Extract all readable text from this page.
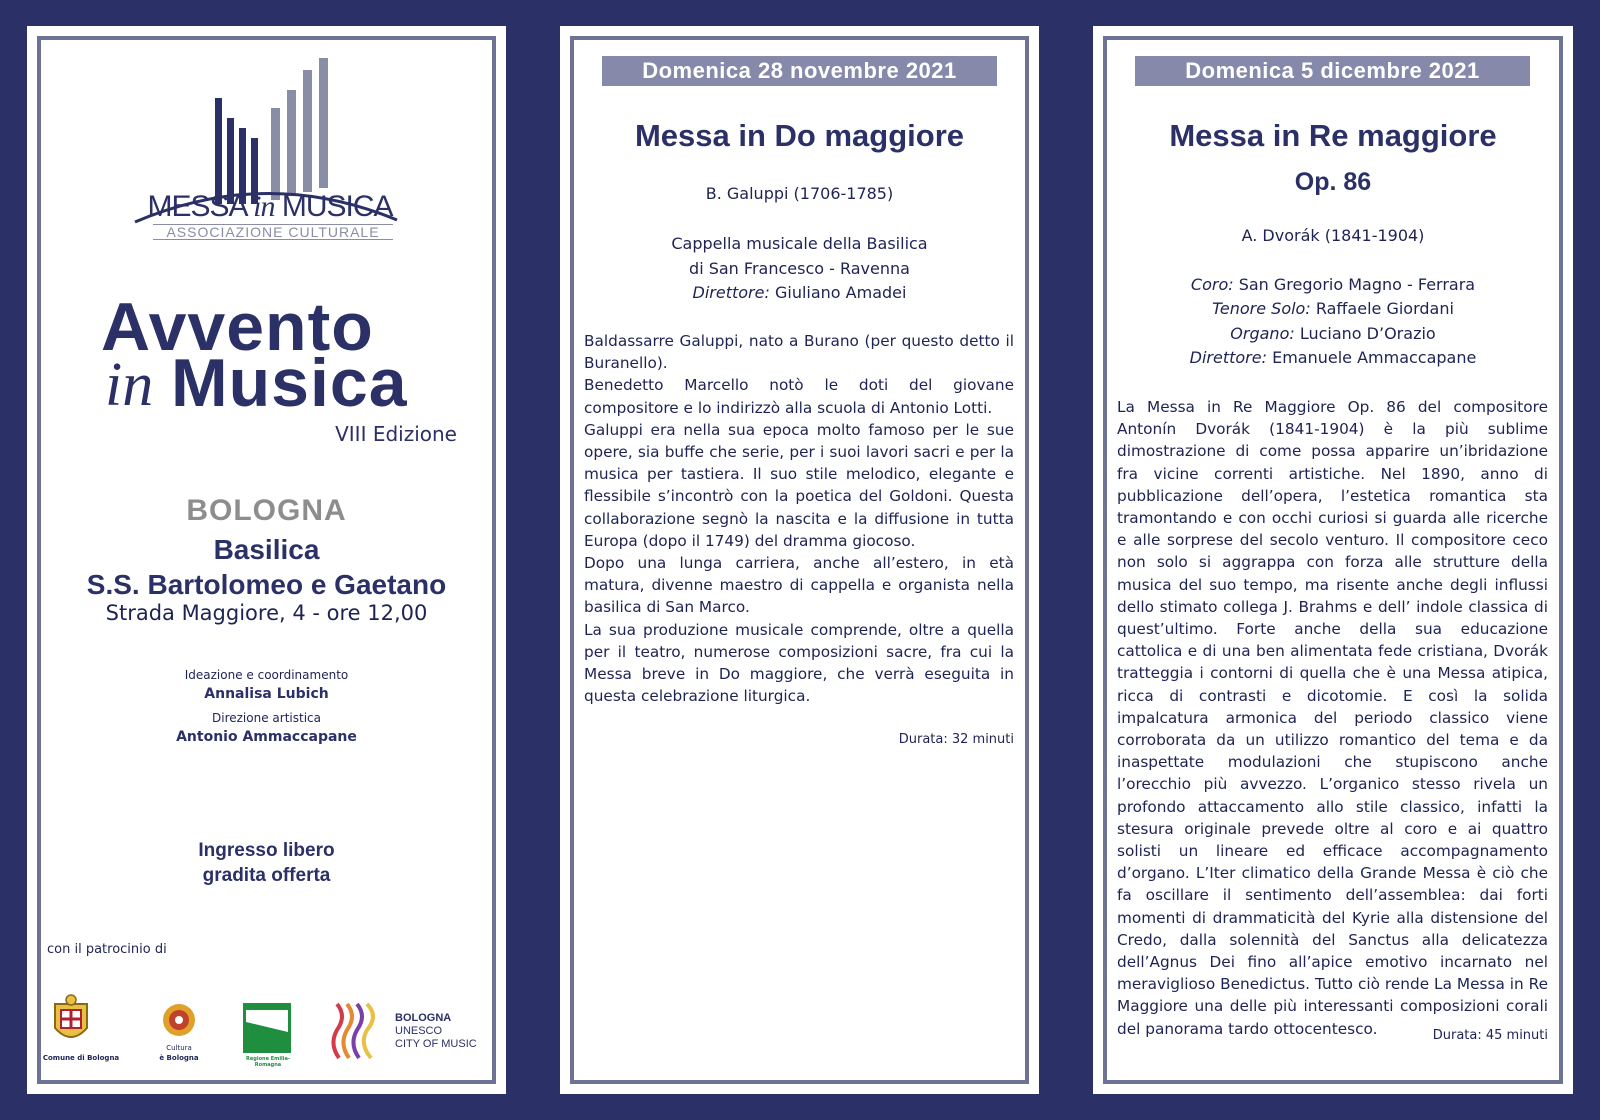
MESSA in MUSICA
ASSOCIAZIONE CULTURALE
Avvento
in Musica
VIII Edizione
BOLOGNA
Basilica
S.S. Bartolomeo e Gaetano
Strada Maggiore, 4 - ore 12,00
Ideazione e coordinamento
Annalisa Lubich
Direzione artistica
Antonio Ammaccapane
Ingresso libero
gradita offerta
con il patrocinio di
Comune di Bologna
Cultura
è Bologna	Regione Emilia-Romagna
BOLOGNA
UNESCO
CITY OF MUSIC
Domenica 28 novembre 2021
Messa in Do maggiore
B. Galuppi (1706-1785)
Cappella musicale della Basilica
di San Francesco - Ravenna
Direttore: Giuliano Amadei

Baldassarre Galuppi, nato a Burano (per questo detto il Buranello).

Benedetto Marcello notò le doti del giovane compositore e lo indirizzò alla scuola di Antonio Lotti.

Galuppi era nella sua epoca molto famoso per le sue opere, sia buffe che serie, per i suoi lavori sacri e per la musica per tastiera. Il suo stile melodico, elegante e flessibile s’incontrò con la poetica del Goldoni. Questa collaborazione segnò la nascita e la diffusione in tutta Europa (dopo il 1749) del dramma giocoso.

Dopo una lunga carriera, anche all’estero, in età matura, divenne maestro di cappella e organista nella basilica di San Marco.

La sua produzione musicale comprende, oltre a quella per il teatro, numerose composizioni sacre, fra cui la Messa breve in Do maggiore, che verrà eseguita in questa celebrazione liturgica.

Durata: 32 minuti
Domenica 5 dicembre 2021
Messa in Re maggiore
Op. 86
A. Dvorák (1841-1904)
Coro: San Gregorio Magno - Ferrara
Tenore Solo: Raffaele Giordani
Organo: Luciano D’Orazio
Direttore: Emanuele Ammaccapane

La Messa in Re Maggiore Op. 86 del compositore Antonín Dvorák (1841-1904) è la più sublime dimostrazione di come possa apparire un’ibridazione fra vicine correnti artistiche. Nel 1890, anno di pubblicazione dell’opera, l’estetica romantica sta tramontando e con occhi curiosi si guarda alle ricerche e alle sorprese del secolo venturo. Il compositore ceco non solo si aggrappa con forza alle strutture della musica del suo tempo, ma risente anche degli influssi dello stimato collega J. Brahms e dell’ indole classica di quest’ultimo. Forte anche della sua educazione cattolica e di una ben alimentata fede cristiana, Dvorák tratteggia i contorni di quella che è una Messa atipica, ricca di contrasti e dicotomie. E così la solida impalcatura armonica del periodo classico viene corroborata da un utilizzo romantico del tema e da inaspettate modulazioni che stupiscono anche l’orecchio più avvezzo. L’organico stesso rivela un profondo attaccamento allo stile classico, infatti la stesura originale prevede oltre al coro e ai quattro solisti un lineare ed efficace accompagnamento d’organo. L’Iter climatico della Grande Messa è ciò che fa oscillare il sentimento dell’assemblea: dai forti momenti di drammaticità del Kyrie alla distensione del Credo, dalla solennità del Sanctus alla delicatezza dell’Agnus Dei fino all’apice emotivo incarnato nel meraviglioso Benedictus. Tutto ciò rende La Messa in Re Maggiore una delle più interessanti composizioni corali del panorama tardo ottocentesco.	Durata: 45 minuti
